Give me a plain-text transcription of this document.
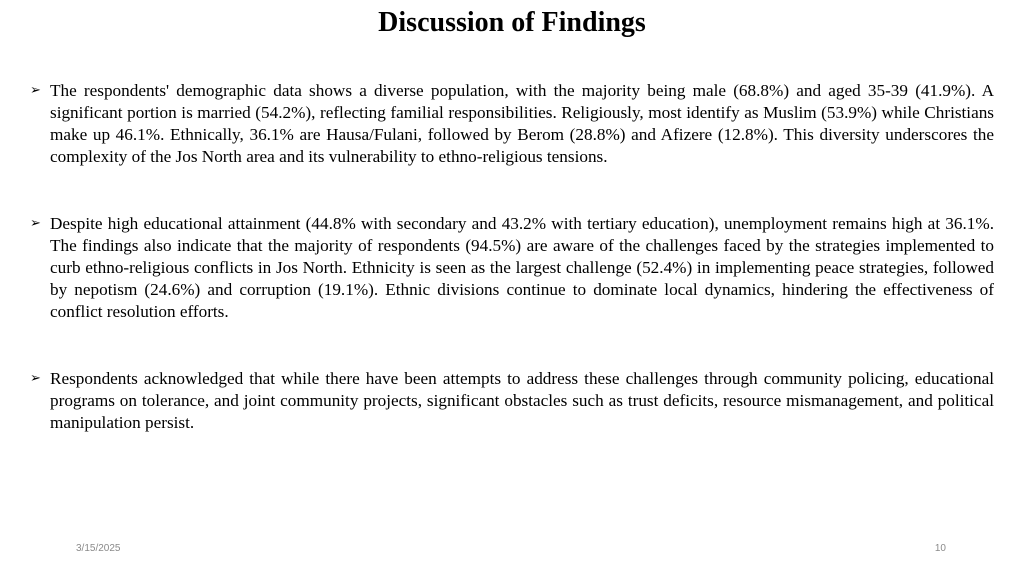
Discussion of Findings
➢ The respondents' demographic data shows a diverse population, with the majority being male (68.8%) and aged 35-39 (41.9%). A significant portion is married (54.2%), reflecting familial responsibilities. Religiously, most identify as Muslim (53.9%) while Christians make up 46.1%. Ethnically, 36.1% are Hausa/Fulani, followed by Berom (28.8%) and Afizere (12.8%). This diversity underscores the complexity of the Jos North area and its vulnerability to ethno-religious tensions.
➢ Despite high educational attainment (44.8% with secondary and 43.2% with tertiary education), unemployment remains high at 36.1%. The findings also indicate that the majority of respondents (94.5%) are aware of the challenges faced by the strategies implemented to curb ethno-religious conflicts in Jos North. Ethnicity is seen as the largest challenge (52.4%) in implementing peace strategies, followed by nepotism (24.6%) and corruption (19.1%). Ethnic divisions continue to dominate local dynamics, hindering the effectiveness of conflict resolution efforts.
➢ Respondents acknowledged that while there have been attempts to address these challenges through community policing, educational programs on tolerance, and joint community projects, significant obstacles such as trust deficits, resource mismanagement, and political manipulation persist.
3/15/2025	10
